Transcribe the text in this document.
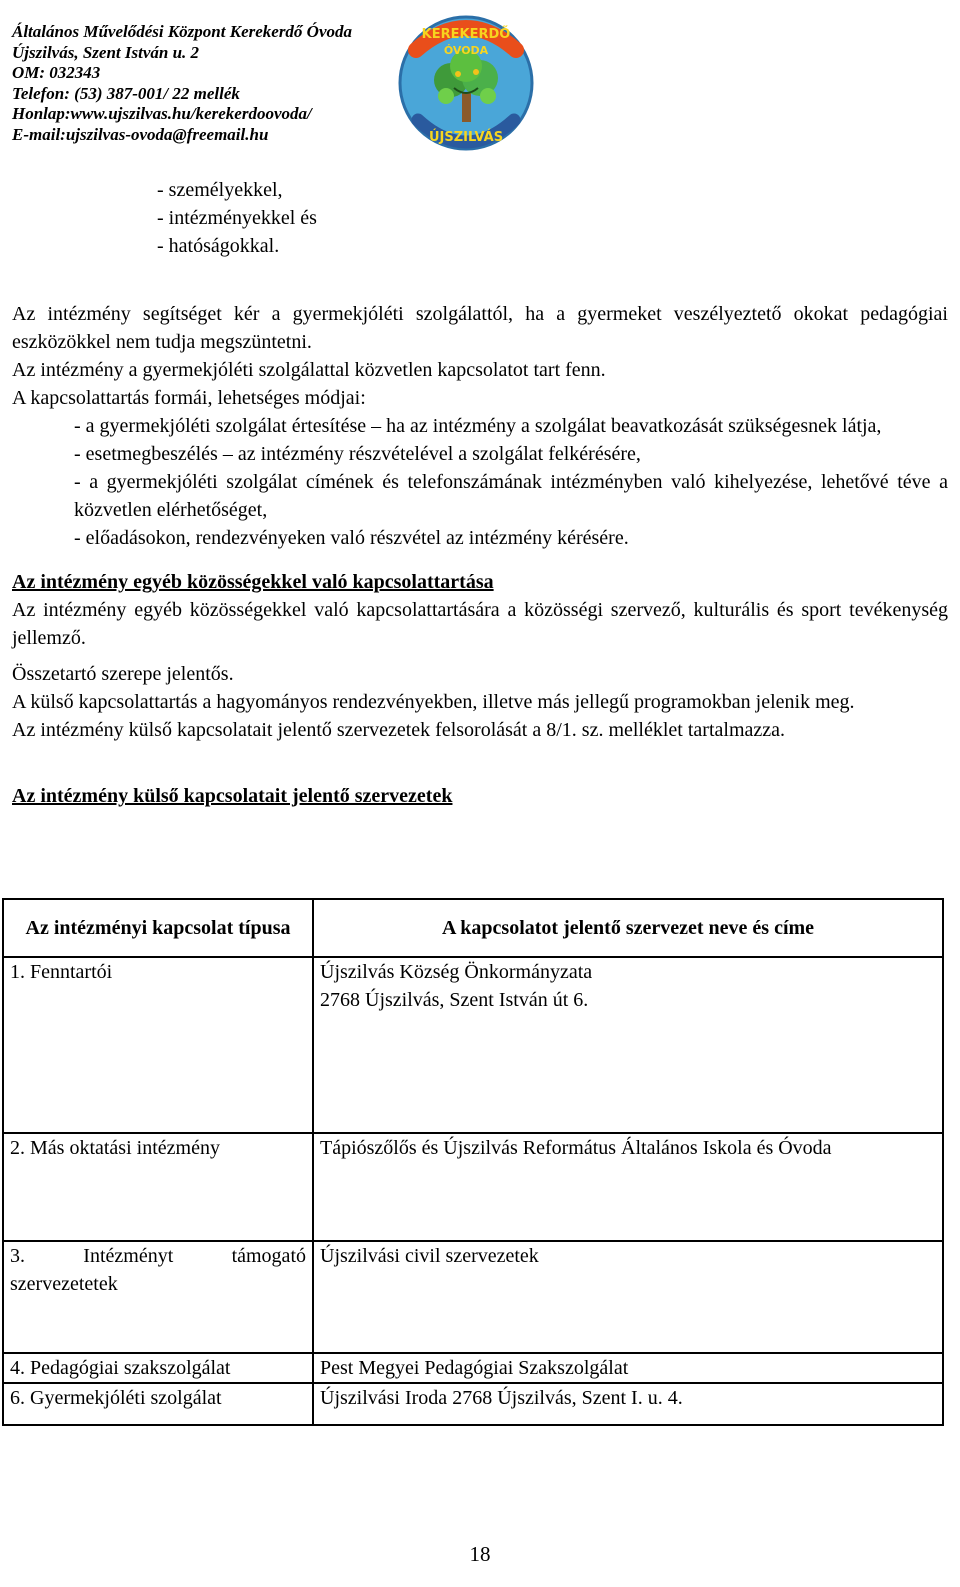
Általános Művelődési Központ Kerekerdő Óvoda
Újszilvás, Szent István u. 2
OM: 032343
Telefon: (53) 387-001/ 22 mellék
Honlap:www.ujszilvas.hu/kerekerdoovoda/
E-mail:ujszilvas-ovoda@freemail.hu
KEREKERDŐ
ÓVODA
ÚJSZILVÁS
- személyekkel,
- intézményekkel és
- hatóságokkal.
Az intézmény segítséget kér a gyermekjóléti szolgálattól, ha a gyermeket veszélyeztető okokat pedagógiai eszközökkel nem tudja megszüntetni.
Az intézmény a gyermekjóléti szolgálattal közvetlen kapcsolatot tart fenn.
A kapcsolattartás formái, lehetséges módjai:
- a gyermekjóléti szolgálat értesítése – ha az intézmény a szolgálat beavatkozását szükségesnek látja,
- esetmegbeszélés – az intézmény részvételével a szolgálat felkérésére,
- a gyermekjóléti szolgálat címének és telefonszámának intézményben való kihelyezése, lehetővé téve a közvetlen elérhetőséget,
- előadásokon, rendezvényeken való részvétel az intézmény kérésére.
Az intézmény egyéb közösségekkel való kapcsolattartása
Az intézmény egyéb közösségekkel való kapcsolattartására a közösségi szervező, kulturális és sport tevékenység jellemző.
Összetartó szerepe jelentős.
A külső kapcsolattartás a hagyományos rendezvényekben, illetve más jellegű programokban jelenik meg.
Az intézmény külső kapcsolatait jelentő szervezetek felsorolását a 8/1. sz. melléklet tartalmazza.
Az intézmény külső kapcsolatait jelentő szervezetek
Az intézményi kapcsolat típusa	A kapcsolatot jelentő szervezet neve és címe
1. Fenntartói	Újszilvás Község Önkormányzata
2768 Újszilvás, Szent István út 6.

2. Más oktatási intézmény	Tápiószőlős és Újszilvás Református Általános Iskola és Óvoda
3. Intézményt támogató szervezetetek	Újszilvási civil szervezetek
4. Pedagógiai szakszolgálat	Pest Megyei Pedagógiai Szakszolgálat
6. Gyermekjóléti szolgálat	Újszilvási Iroda 2768 Újszilvás, Szent I. u. 4.
18
